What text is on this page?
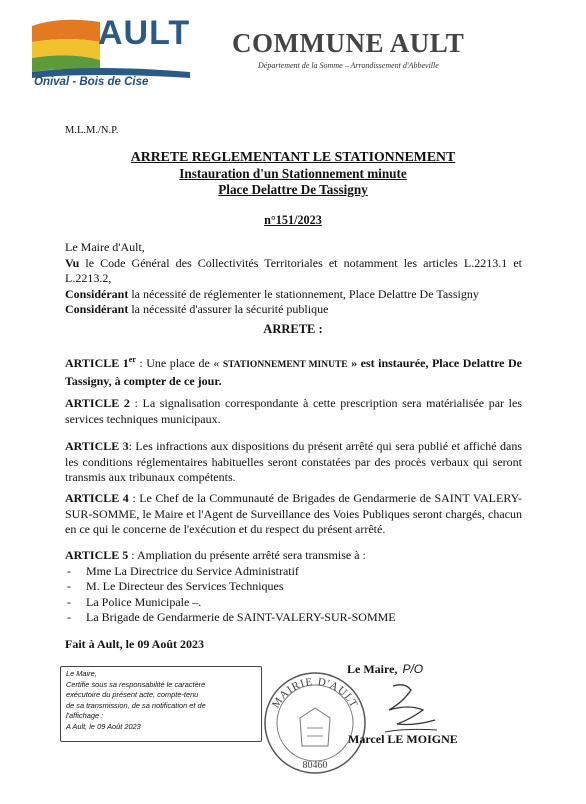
AULT
Onival - Bois de Cise
COMMUNE AULT
Département de la Somme – Arrondissement d'Abbeville
M.L.M./N.P.
ARRETE REGLEMENTANT LE STATIONNEMENT
Instauration d'un Stationnement minute
Place Delattre De Tassigny
n°151/2023
Le Maire d'Ault,
Vu le Code Général des Collectivités Territoriales et notamment les articles L.2213.1 et L.2213.2,
Considérant la nécessité de réglementer le stationnement, Place Delattre De Tassigny
Considérant la nécessité d'assurer la sécurité publique
ARRETE :
ARTICLE 1er : Une place de « STATIONNEMENT MINUTE » est instaurée, Place Delattre De Tassigny, à compter de ce jour.
ARTICLE 2 : La signalisation correspondante à cette prescription sera matérialisée par les services techniques municipaux.
ARTICLE 3: Les infractions aux dispositions du présent arrêté qui sera publié et affiché dans les conditions réglementaires habituelles seront constatées par des procès verbaux qui seront transmis aux tribunaux compétents.
ARTICLE 4 : Le Chef de la Communauté de Brigades de Gendarmerie de SAINT VALERY-SUR-SOMME, le Maire et l'Agent de Surveillance des Voies Publiques seront chargés, chacun en ce qui le concerne de l'exécution et du respect du présent arrêté.
ARTICLE 5 : Ampliation du présente arrêté sera transmise à :
- Mme La Directrice du Service Administratif
- M. Le Directeur des Services Techniques
- La Police Municipale –.
- La Brigade de Gendarmerie de SAINT-VALERY-SUR-SOMME
Fait à Ault, le 09 Août 2023
Le Maire,
Certifie sous sa responsabilité le caractère
exécutoire du présent acte, compte-tenu
de sa transmission, de sa notification et de
l'affichage :
A Ault, le 09 Août 2023
MAIRIE D'AULT
80460
Le Maire, P/O
Marcel LE MOIGNE
